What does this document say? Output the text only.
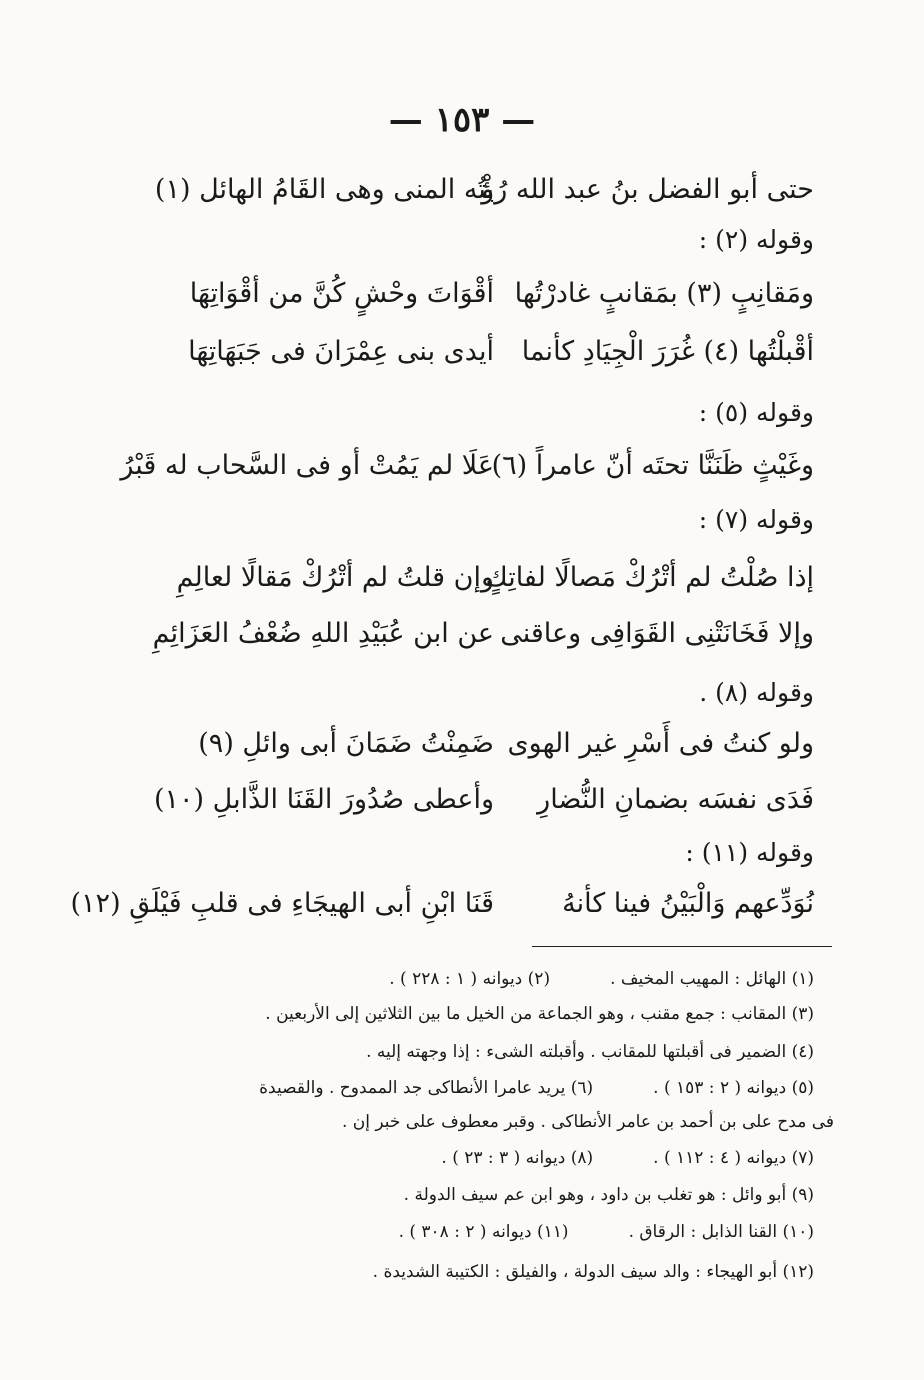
— ١٥٣ —
حتى أبو الفضل بنُ عبد الله رُؤْ
يتُه المنى وهى القَامُ الهائل (١)
وقوله (٢) :
ومَقانِبٍ (٣) بمَقانبٍ غادرْتُها
أقْوَاتَ وحْشٍ كُنَّ من أقْوَاتِهَا
أقْبلْتُها (٤) غُرَرَ الْجِيَادِ كأنما
أيدى بنى عِمْرَانَ فى جَبَهَاتِهَا
وقوله (٥) :
وغَيْثٍ ظَنَنَّا تحتَه أنّ عامراً (٦)
عَلَا لم يَمُتْ أو فى السَّحاب له قَبْرُ
وقوله (٧) :
إذا صُلْتُ لم أتْرُكْ مَصالًا لفاتِكٍ
وإن قلتُ لم أتْرُكْ مَقالًا لعالِمِ
وإلا فَخَانَتْنِى القَوَافِى وعاقنى
عن ابن عُبَيْدِ اللهِ ضُعْفُ العَزَائِمِ
وقوله (٨) .
ولو كنتُ فى أَسْرِ غير الهوى
ضَمِنْتُ ضَمَانَ أبى وائلِ (٩)
فَدَى نفسَه بضمانِ النُّضارِ
وأعطى صُدُورَ القَنَا الذَّابلِ (١٠)
وقوله (١١) :
نُوَدِّعهم وَالْبَيْنُ فينا كأنهُ
قَنَا ابْنِ أبى الهيجَاءِ فى قلبِ فَيْلَقِ (١٢)
(١) الهائل : المهيب المخيف .(٢) ديوانه ( ١ : ٢٢٨ ) .
(٣) المقانب : جمع مقنب ، وهو الجماعة من الخيل ما بين الثلاثين إلى الأربعين .
(٤) الضمير فى أقبلتها للمقانب . وأقبلته الشىء : إذا وجهته إليه .
(٥) ديوانه ( ٢ : ١٥٣ ) .(٦) يريد عامرا الأنطاكى جد الممدوح . والقصيدة
فى مدح على بن أحمد بن عامر الأنطاكى . وقبر معطوف على خبر إن .
(٧) ديوانه ( ٤ : ١١٢ ) .(٨) ديوانه ( ٣ : ٢٣ ) .
(٩) أبو وائل : هو تغلب بن داود ، وهو ابن عم سيف الدولة .
(١٠) القنا الذابل : الرقاق .(١١) ديوانه ( ٢ : ٣٠٨ ) .
(١٢) أبو الهيجاء : والد سيف الدولة ، والفيلق : الكتيبة الشديدة .
